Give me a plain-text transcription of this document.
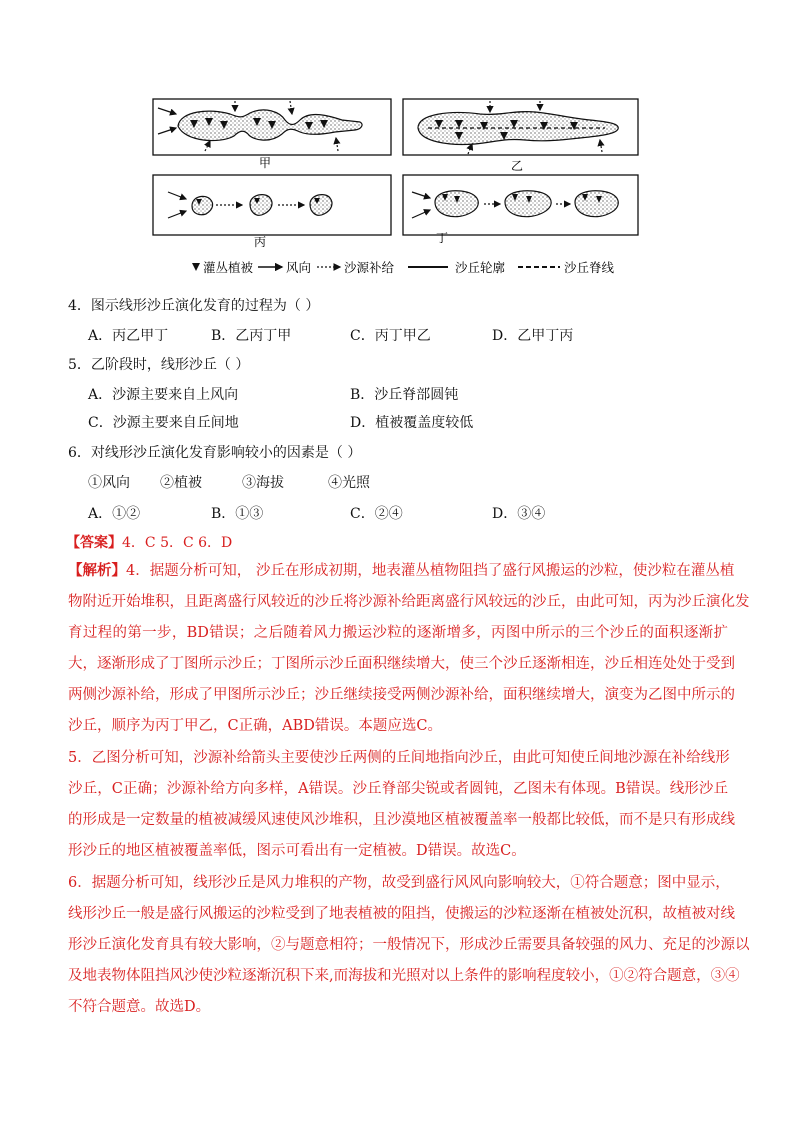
甲	乙
丙	丁
灌丛植被	风向	沙源补给	沙丘轮廓	沙丘脊线
4．图示线形沙丘演化发育的过程为（ ）
A．丙乙甲丁	B．乙丙丁甲	C．丙丁甲乙	D．乙甲丁丙
5．乙阶段时，线形沙丘（ ）
A．沙源主要来自上风向	B．沙丘脊部圆钝
C．沙源主要来自丘间地	D．植被覆盖度较低
6．对线形沙丘演化发育影响较小的因素是（ ）
①风向 ②植被	③海拔	④光照
A．①②	B．①③	C．②④	D．③④
【答案】4．C 5．C 6．D
【解析】4．据题分析可知， 沙丘在形成初期，地表灌丛植物阻挡了盛行风搬运的沙粒，使沙粒在灌丛植
物附近开始堆积，且距离盛行风较近的沙丘将沙源补给距离盛行风较远的沙丘，由此可知，丙为沙丘演化发
育过程的第一步，BD错误；之后随着风力搬运沙粒的逐渐增多，丙图中所示的三个沙丘的面积逐渐扩
大，逐渐形成了丁图所示沙丘；丁图所示沙丘面积继续增大，使三个沙丘逐渐相连，沙丘相连处处于受到
两侧沙源补给，形成了甲图所示沙丘；沙丘继续接受两侧沙源补给，面积继续增大，演变为乙图中所示的
沙丘，顺序为丙丁甲乙，C正确，ABD错误。本题应选C。
5．乙图分析可知，沙源补给箭头主要使沙丘两侧的丘间地指向沙丘，由此可知使丘间地沙源在补给线形
沙丘，C正确；沙源补给方向多样，A错误。沙丘脊部尖锐或者圆钝，乙图未有体现。B错误。线形沙丘
的形成是一定数量的植被减缓风速使风沙堆积，且沙漠地区植被覆盖率一般都比较低，而不是只有形成线
形沙丘的地区植被覆盖率低，图示可看出有一定植被。D错误。故选C。
6．据题分析可知，线形沙丘是风力堆积的产物，故受到盛行风风向影响较大，①符合题意；图中显示，
线形沙丘一般是盛行风搬运的沙粒受到了地表植被的阻挡，使搬运的沙粒逐渐在植被处沉积，故植被对线
形沙丘演化发育具有较大影响，②与题意相符；一般情况下，形成沙丘需要具备较强的风力、充足的沙源以
及地表物体阻挡风沙使沙粒逐渐沉积下来,而海拔和光照对以上条件的影响程度较小，①②符合题意，③④
不符合题意。故选D。
